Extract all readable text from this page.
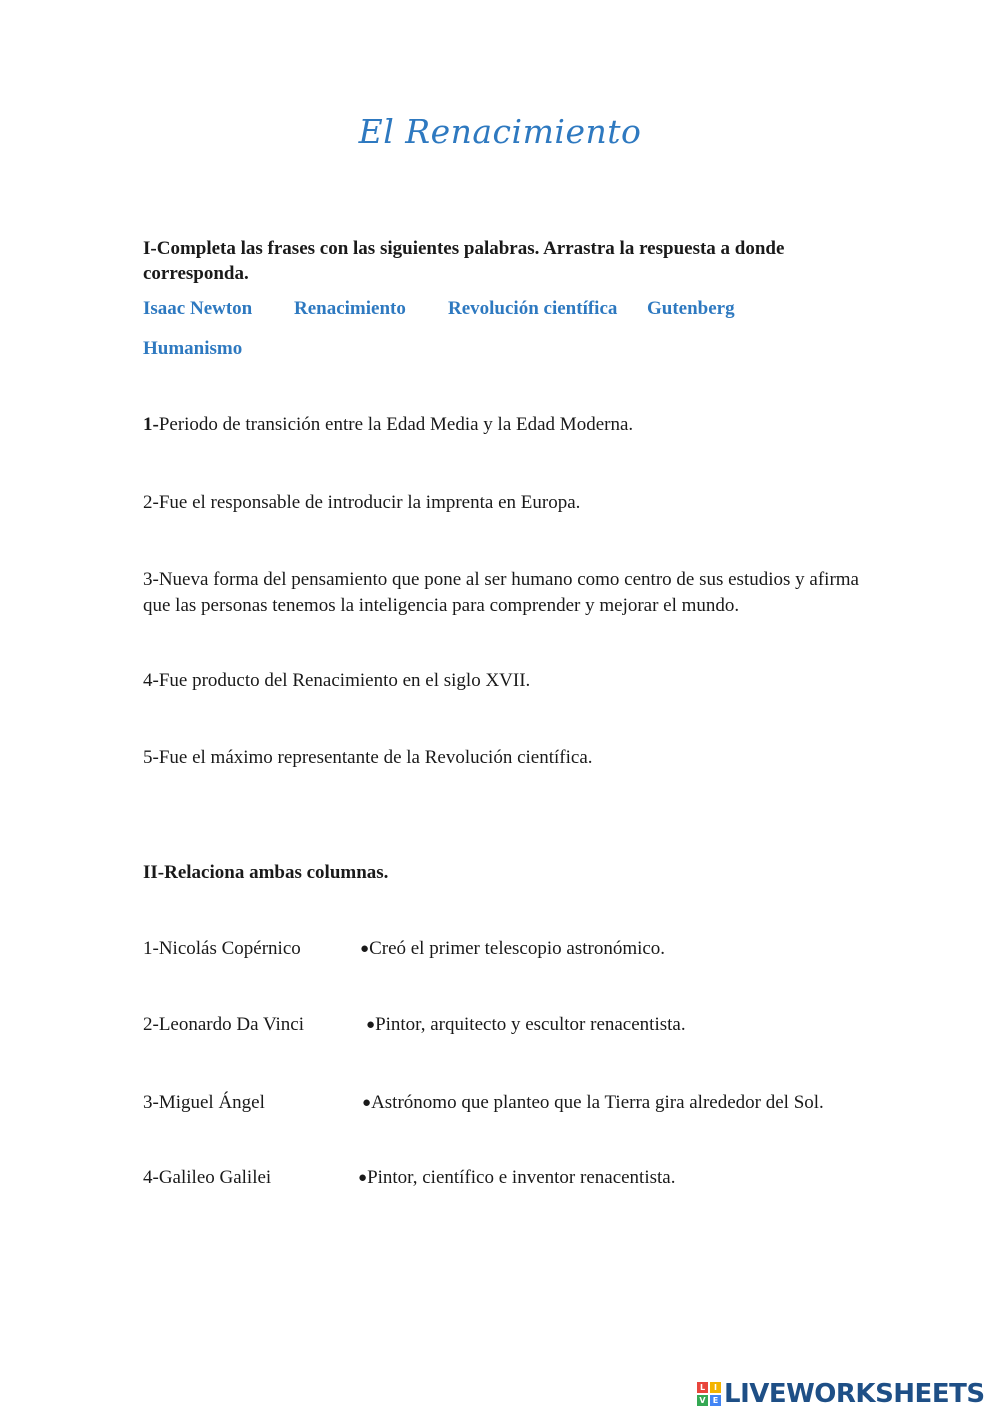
El Renacimiento
I-Completa las frases con las siguientes palabras. Arrastra la respuesta a donde corresponda.
Isaac Newton Renacimiento Revolución científica Gutenberg
Humanismo
1-Periodo de transición entre la Edad Media y la Edad Moderna.
2-Fue el responsable de introducir la imprenta en Europa.
3-Nueva forma del pensamiento que pone al ser humano como centro de sus estudios y afirma que las personas tenemos la inteligencia para comprender y mejorar el mundo.
4-Fue producto del Renacimiento en el siglo XVII.
5-Fue el máximo representante de la Revolución científica.
II-Relaciona ambas columnas.
1-Nicolás Copérnico	●Creó el primer telescopio astronómico.
2-Leonardo Da Vinci	●Pintor, arquitecto y escultor renacentista.
3-Miguel Ángel	●Astrónomo que planteo que la Tierra gira alrededor del Sol.
4-Galileo Galilei	●Pintor, científico e inventor renacentista.
L	I
V E LIVEWORKSHEETS
